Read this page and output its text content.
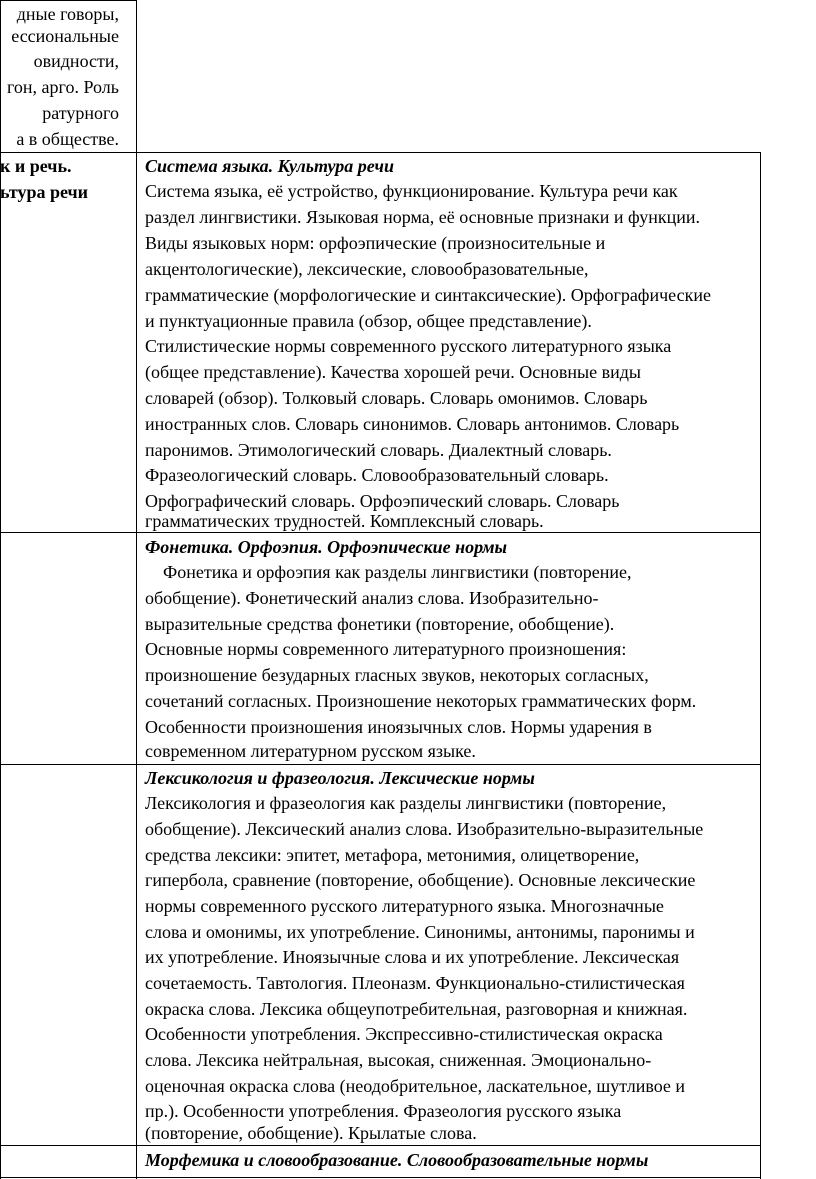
дные говоры,
ессиональные
овидности,
гон, арго. Роль
ратурного
а в обществе.
к и речь.
ьтура речи
Система языка. Культура речи
Система языка, её устройство, функционирование. Культура речи как
раздел лингвистики. Языковая норма, её основные признаки и функции.
Виды языковых норм: орфоэпические (произносительные и
акцентологические), лексические, словообразовательные,
грамматические (морфологические и синтаксические). Орфографические
и пунктуационные правила (обзор, общее представление).
Стилистические нормы современного русского литературного языка
(общее представление). Качества хорошей речи. Основные виды
словарей (обзор). Толковый словарь. Словарь омонимов. Словарь
иностранных слов. Словарь синонимов. Словарь антонимов. Словарь
паронимов. Этимологический словарь. Диалектный словарь.
Фразеологический словарь. Словообразовательный словарь.
Орфографический словарь. Орфоэпический словарь. Словарь
грамматических трудностей. Комплексный словарь.
Фонетика. Орфоэпия. Орфоэпические нормы
Фонетика и орфоэпия как разделы лингвистики (повторение,
обобщение). Фонетический анализ слова. Изобразительно-
выразительные средства фонетики (повторение, обобщение).
Основные нормы современного литературного произношения:
произношение безударных гласных звуков, некоторых согласных,
сочетаний согласных. Произношение некоторых грамматических форм.
Особенности произношения иноязычных слов. Нормы ударения в
современном литературном русском языке.
Лексикология и фразеология. Лексические нормы
Лексикология и фразеология как разделы лингвистики (повторение,
обобщение). Лексический анализ слова. Изобразительно-выразительные
средства лексики: эпитет, метафора, метонимия, олицетворение,
гипербола, сравнение (повторение, обобщение). Основные лексические
нормы современного русского литературного языка. Многозначные
слова и омонимы, их употребление. Синонимы, антонимы, паронимы и
их употребление. Иноязычные слова и их употребление. Лексическая
сочетаемость. Тавтология. Плеоназм. Функционально-стилистическая
окраска слова. Лексика общеупотребительная, разговорная и книжная.
Особенности употребления. Экспрессивно-стилистическая окраска
слова. Лексика нейтральная, высокая, сниженная. Эмоционально-
оценочная окраска слова (неодобрительное, ласкательное, шутливое и
пр.). Особенности употребления. Фразеология русского языка
(повторение, обобщение). Крылатые слова.
Морфемика и словообразование. Словообразовательные нормы
